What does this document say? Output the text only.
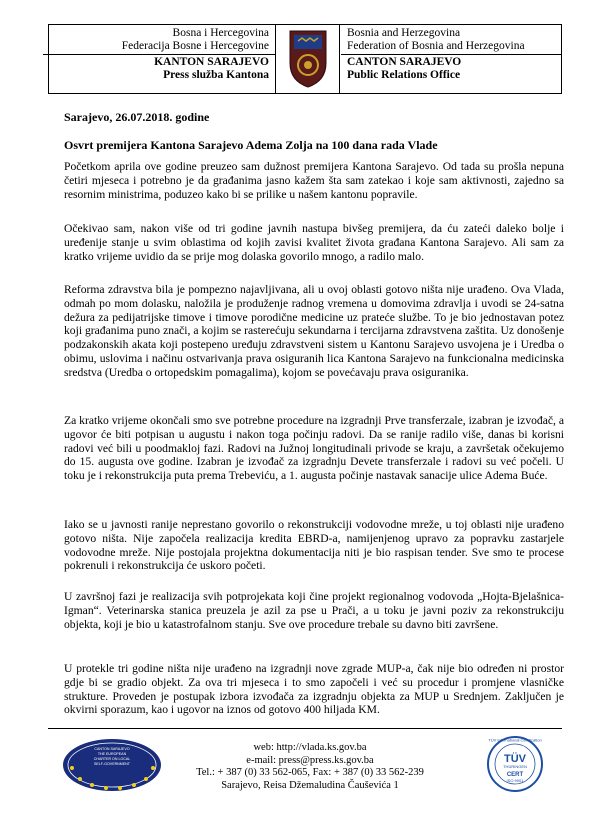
Bosna i Hercegovina
Federacija Bosne i Hercegovine
KANTON SARAJEVO
Press služba Kantona
Bosnia and Herzegovina
Federation of Bosnia and Herzegovina
CANTON SARAJEVO
Public Relations Office
Sarajevo, 26.07.2018. godine
Osvrt premijera Kantona Sarajevo Adema Zolja na 100 dana rada Vlade

Početkom aprila ove godine preuzeo sam dužnost premijera Kantona Sarajevo. Od tada su prošla nepuna četiri mjeseca i potrebno je da građanima jasno kažem šta sam zatekao i koje sam aktivnosti, zajedno sa resornim ministrima, poduzeo kako bi se prilike u našem kantonu popravile.

Očekivao sam, nakon više od tri godine javnih nastupa bivšeg premijera, da ću zateći daleko bolje i uređenije stanje u svim oblastima od kojih zavisi kvalitet života građana Kantona Sarajevo. Ali sam za kratko vrijeme uvidio da se prije mog dolaska govorilo mnogo, a radilo malo.

Reforma zdravstva bila je pompezno najavljivana, ali u ovoj oblasti gotovo ništa nije urađeno. Ova Vlada, odmah po mom dolasku, naložila je produženje radnog vremena u domovima zdravlja i uvodi se 24-satna dežura za pedijatrijske timove i timove porodične medicine uz prateće službe. To je bio jednostavan potez koji građanima puno znači, a kojim se rasterećuju sekundarna i tercijarna zdravstvena zaštita. Uz donošenje podzakonskih akata koji postepeno uređuju zdravstveni sistem u Kantonu Sarajevo usvojena je i Uredba o obimu, uslovima i načinu ostvarivanja prava osiguranih lica Kantona Sarajevo na funkcionalna medicinska sredstva (Uredba o ortopedskim pomagalima), kojom se povećavaju prava osiguranika.

Za kratko vrijeme okončali smo sve potrebne procedure na izgradnji Prve transferzale, izabran je izvođač, a ugovor će biti potpisan u augustu i nakon toga počinju radovi. Da se ranije radilo više, danas bi korisni radovi već bili u poodmakloj fazi. Radovi na Južnoj longitudinali privode se kraju, a završetak očekujemo do 15. augusta ove godine. Izabran je izvođač za izgradnju Devete transferzale i radovi su već počeli. U toku je i rekonstrukcija puta prema Trebeviću, a 1. augusta počinje nastavak sanacije ulice Adema Buće.

Iako se u javnosti ranije neprestano govorilo o rekonstrukciji vodovodne mreže, u toj oblasti nije urađeno gotovo ništa. Nije započela realizacija kredita EBRD-a, namijenjenog upravo za popravku zastarjele vodovodne mreže. Nije postojala projektna dokumentacija niti je bio raspisan tender. Sve smo te procese pokrenuli i rekonstrukcija će uskoro početi.

U završnoj fazi je realizacija svih potprojekata koji čine projekt regionalnog vodovoda „Hojta-Bjelašnica-Igman“. Veterinarska stanica preuzela je azil za pse u Prači, a u toku je javni poziv za rekonstrukciju objekta, koji je bio u katastrofalnom stanju. Sve ove procedure trebale su davno biti završene.

U protekle tri godine ništa nije urađeno na izgradnji nove zgrade MUP-a, čak nije bio određen ni prostor gdje bi se gradio objekt. Za ova tri mjeseca i to smo započeli i već su procedur i promjene vlasničke strukture. Proveden je postupak izbora izvođača za izgradnju objekta za MUP u Srednjem. Zaključen je okvirni sporazum, kao i ugovor na iznos od gotovo 400 hiljada KM.

CANTON SARAJEVO
THE EUROPEAN
CHARTER ON LOCAL
SELF-GOVERNMENT
web: http://vlada.ks.gov.ba
e-mail: press@press.ks.gov.ba
Tel.: + 387 (0) 33 562-065, Fax: + 387 (0) 33 562-239
Sarajevo, Reisa Džemaludina Čauševića 1
TÜV International Certification
TÜV
THÜRINGEN
CERT
ISO 9001
